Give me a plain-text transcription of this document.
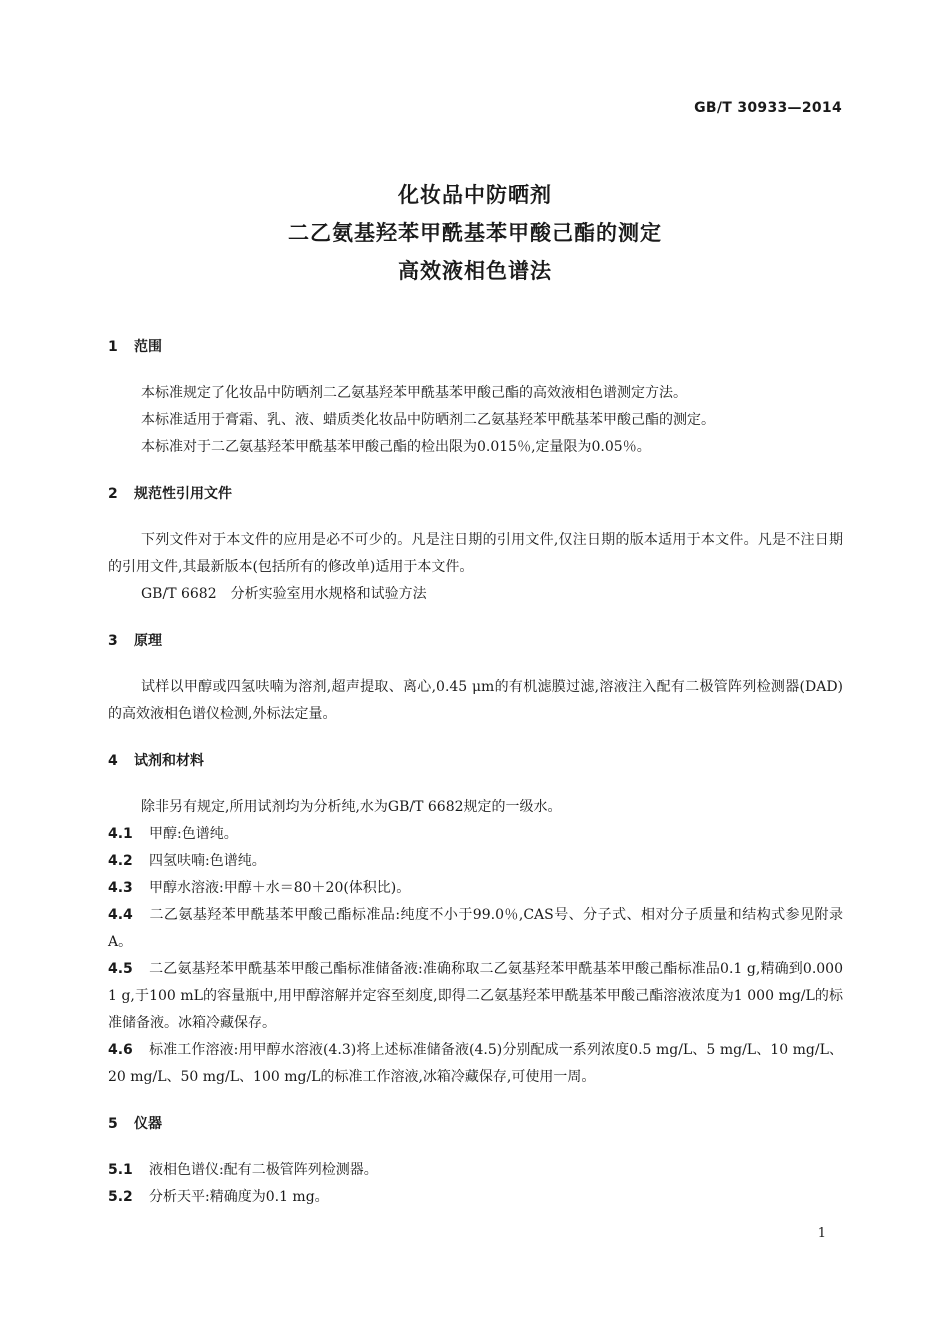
GB/T 30933—2014
化妆品中防晒剂
二乙氨基羟苯甲酰基苯甲酸己酯的测定
高效液相色谱法
1 范围

本标准规定了化妆品中防晒剂二乙氨基羟苯甲酰基苯甲酸己酯的高效液相色谱测定方法。

本标准适用于膏霜、乳、液、蜡质类化妆品中防晒剂二乙氨基羟苯甲酰基苯甲酸己酯的测定。

本标准对于二乙氨基羟苯甲酰基苯甲酸己酯的检出限为0.015％,定量限为0.05％。

2 规范性引用文件

下列文件对于本文件的应用是必不可少的。凡是注日期的引用文件,仅注日期的版本适用于本文件。凡是不注日期的引用文件,其最新版本(包括所有的修改单)适用于本文件。

GB/T 6682　分析实验室用水规格和试验方法

3 原理

试样以甲醇或四氢呋喃为溶剂,超声提取、离心,0.45 μm的有机滤膜过滤,溶液注入配有二极管阵列检测器(DAD)的高效液相色谱仪检测,外标法定量。

4 试剂和材料

除非另有规定,所用试剂均为分析纯,水为GB/T 6682规定的一级水。

4.1 甲醇:色谱纯。

4.2 四氢呋喃:色谱纯。

4.3 甲醇水溶液:甲醇＋水＝80＋20(体积比)。

4.4 二乙氨基羟苯甲酰基苯甲酸己酯标准品:纯度不小于99.0％,CAS号、分子式、相对分子质量和结构式参见附录A。

4.5 二乙氨基羟苯甲酰基苯甲酸己酯标准储备液:准确称取二乙氨基羟苯甲酰基苯甲酸己酯标准品0.1 g,精确到0.000 1 g,于100 mL的容量瓶中,用甲醇溶解并定容至刻度,即得二乙氨基羟苯甲酰基苯甲酸己酯溶液浓度为1 000 mg/L的标准储备液。冰箱冷藏保存。

4.6 标准工作溶液:用甲醇水溶液(4.3)将上述标准储备液(4.5)分别配成一系列浓度0.5 mg/L、5 mg/L、10 mg/L、20 mg/L、50 mg/L、100 mg/L的标准工作溶液,冰箱冷藏保存,可使用一周。

5 仪器

5.1 液相色谱仪:配有二极管阵列检测器。

5.2 分析天平:精确度为0.1 mg。

1
